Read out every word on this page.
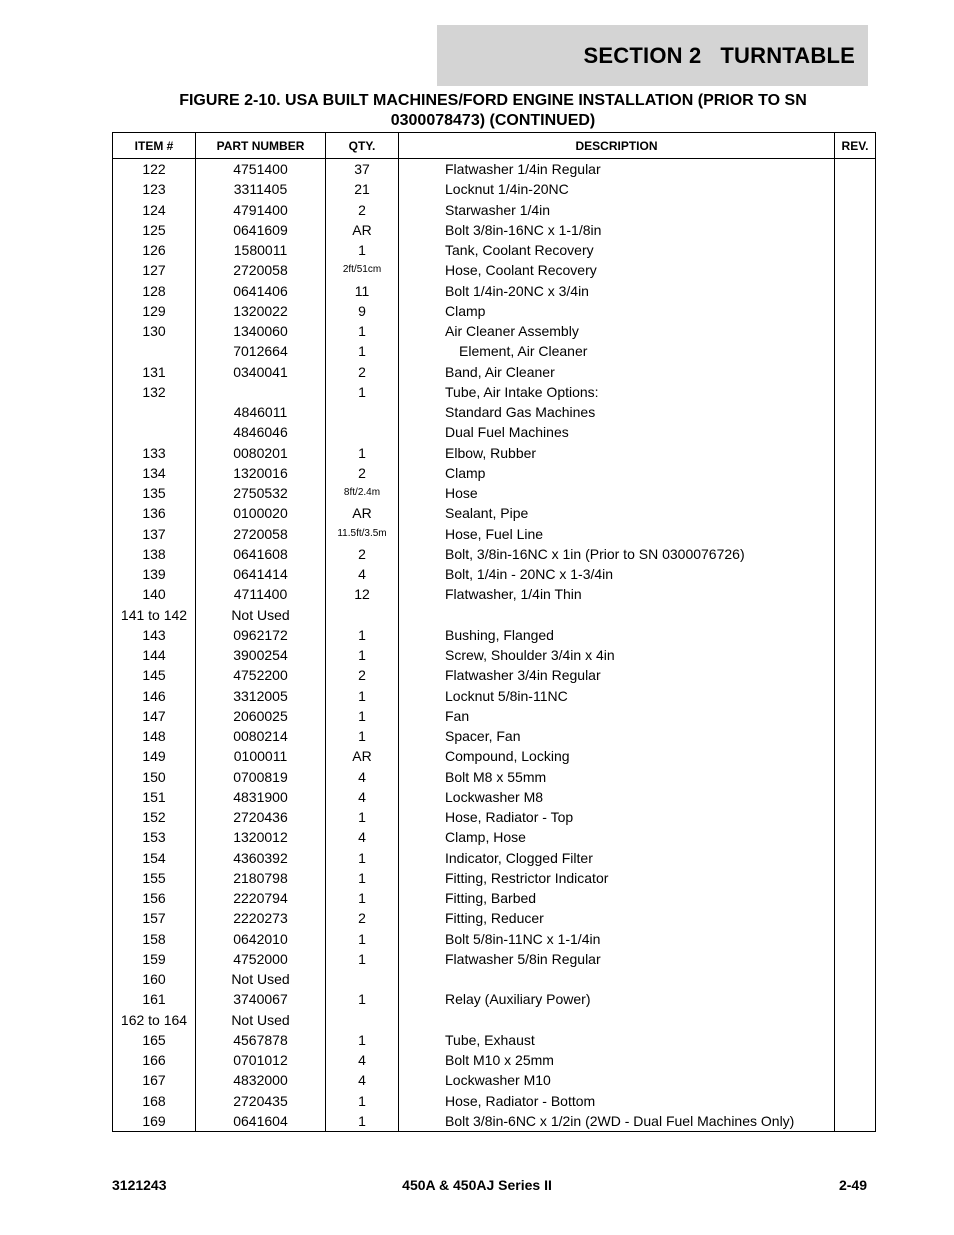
SECTION 2   TURNTABLE
FIGURE 2-10. USA BUILT MACHINES/FORD ENGINE INSTALLATION (PRIOR TO SN
0300078473) (CONTINUED)
ITEM #	PART NUMBER	QTY.	DESCRIPTION	REV.
122	4751400	37	Flatwasher 1/4in Regular	
123	3311405	21	Locknut 1/4in-20NC	
124	4791400	2	Starwasher 1/4in	
125	0641609	AR	Bolt 3/8in-16NC x 1-1/8in	
126	1580011	1	Tank, Coolant Recovery	
127	2720058	2ft/51cm	Hose, Coolant Recovery	
128	0641406	11	Bolt 1/4in-20NC x 3/4in	
129	1320022	9	Clamp	
130	1340060	1	Air Cleaner Assembly	
	7012664	1	Element, Air Cleaner	
131	0340041	2	Band, Air Cleaner	
132		1	Tube, Air Intake Options:	
	4846011		Standard Gas Machines	
	4846046		Dual Fuel Machines	
133	0080201	1	Elbow, Rubber	
134	1320016	2	Clamp	
135	2750532	8ft/2.4m	Hose	
136	0100020	AR	Sealant, Pipe	
137	2720058	11.5ft/3.5m	Hose, Fuel Line	
138	0641608	2	Bolt, 3/8in-16NC x 1in (Prior to SN 0300076726)	
139	0641414	4	Bolt, 1/4in - 20NC x 1-3/4in	
140	4711400	12	Flatwasher, 1/4in Thin	
141 to 142	Not Used			
143	0962172	1	Bushing, Flanged	
144	3900254	1	Screw, Shoulder 3/4in x 4in	
145	4752200	2	Flatwasher 3/4in Regular	
146	3312005	1	Locknut 5/8in-11NC	
147	2060025	1	Fan	
148	0080214	1	Spacer, Fan	
149	0100011	AR	Compound, Locking	
150	0700819	4	Bolt M8 x 55mm	
151	4831900	4	Lockwasher M8	
152	2720436	1	Hose, Radiator - Top	
153	1320012	4	Clamp, Hose	
154	4360392	1	Indicator, Clogged Filter	
155	2180798	1	Fitting, Restrictor Indicator	
156	2220794	1	Fitting, Barbed	
157	2220273	2	Fitting, Reducer	
158	0642010	1	Bolt 5/8in-11NC x 1-1/4in	
159	4752000	1	Flatwasher 5/8in Regular	
160	Not Used			
161	3740067	1	Relay (Auxiliary Power)	
162 to 164	Not Used			
165	4567878	1	Tube, Exhaust	
166	0701012	4	Bolt M10 x 25mm	
167	4832000	4	Lockwasher M10	
168	2720435	1	Hose, Radiator - Bottom	
169	0641604	1	Bolt 3/8in-6NC x 1/2in (2WD - Dual Fuel Machines Only)	
3121243	450A & 450AJ Series II	2-49
